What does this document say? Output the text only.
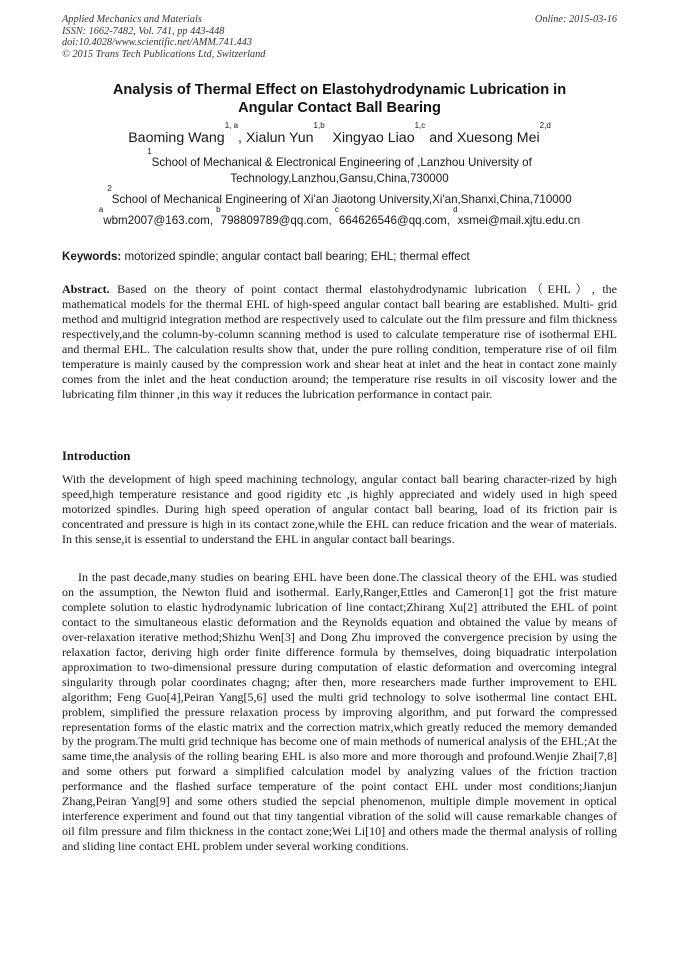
Applied Mechanics and Materials
ISSN: 1662-7482, Vol. 741, pp 443-448
doi:10.4028/www.scientific.net/AMM.741.443
© 2015 Trans Tech Publications Ltd, Switzerland
Online: 2015-03-16
Analysis of Thermal Effect on Elastohydrodynamic Lubrication in
Angular Contact Ball Bearing
Baoming Wang$^{1, a}$, Xialun Yun$^{1,b}$  Xingyao Liao$^{1,c}$ and Xuesong Mei$^{2,d}$
$^1$School of Mechanical & Electronical Engineering of ,Lanzhou University of
Technology,Lanzhou,Gansu,China,730000
$^2$School of Mechanical Engineering of Xi'an Jiaotong University,Xi'an,Shanxi,China,710000
$^a$wbm2007@163.com, $^b$798809789@qq.com, $^c$664626546@qq.com, $^d$xsmei@mail.xjtu.edu.cn
Keywords: motorized spindle; angular contact ball bearing; EHL; thermal effect
Abstract. Based on the theory of point contact thermal elastohydrodynamic lubrication（EHL）, the mathematical models for the thermal EHL of high-speed angular contact ball bearing are established. Multi- grid method and multigrid integration method are respectively used to calculate out the film pressure and film thickness respectively,and the column-by-column scanning method is used to calculate temperature rise of isothermal EHL and thermal EHL. The calculation results show that, under the pure rolling condition, temperature rise of oil film temperature is mainly caused by the compression work and shear heat at inlet and the heat in contact zone mainly comes from the inlet and the heat conduction around; the temperature rise results in oil viscosity lower and the lubricating film thinner ,in this way it reduces the lubrication performance in contact pair.
Introduction
With the development of high speed machining technology, angular contact ball bearing character-rized by high speed,high temperature resistance and good rigidity etc ,is highly appreciated and widely used in high speed motorized spindles. During high speed operation of angular contact ball bearing, load of its friction pair is concentrated and pressure is high in its contact zone,while the EHL can reduce frication and the wear of materials. In this sense,it is essential to understand the EHL in angular contact ball bearings.
In the past decade,many studies on bearing EHL have been done.The classical theory of the EHL was studied on the assumption, the Newton fluid and isothermal. Early,Ranger,Ettles and Cameron[1] got the frist mature complete solution to elastic hydrodynamic lubrication of line contact;Zhirang Xu[2] attributed the EHL of point contact to the simultaneous elastic deformation and the Reynolds equation and obtained the value by means of over-relaxation iterative method;Shizhu Wen[3] and Dong Zhu improved the convergence precision by using the relaxation factor, deriving high order finite difference formula by themselves, doing biquadratic interpolation approximation to two-dimensional pressure during computation of elastic deformation and overcoming integral singularity through polar coordinates chagng; after then, more researchers made further improvement to EHL algorithm; Feng Guo[4],Peiran Yang[5,6] used the multi grid technology to solve isothermal line contact EHL problem, simplified the pressure relaxation process by improving algorithm, and put forward the compressed representation forms of the elastic matrix and the correction matrix,which greatly reduced the memory demanded by the program.The multi grid technique has become one of main methods of numerical analysis of the EHL;At the same time,the analysis of the rolling bearing EHL is also more and more thorough and profound.Wenjie Zhai[7,8] and some others put forward a simplified calculation model by analyzing values of the friction traction performance and the flashed surface temperature of the point contact EHL under most conditions;Jianjun Zhang,Peiran Yang[9] and some others studied the sepcial phenomenon, multiple dimple movement in optical interference experiment and found out that tiny tangential vibration of the solid will cause remarkable changes of oil film pressure and film thickness in the contact zone;Wei Li[10] and others made the thermal analysis of rolling and sliding line contact EHL problem under several working conditions.
